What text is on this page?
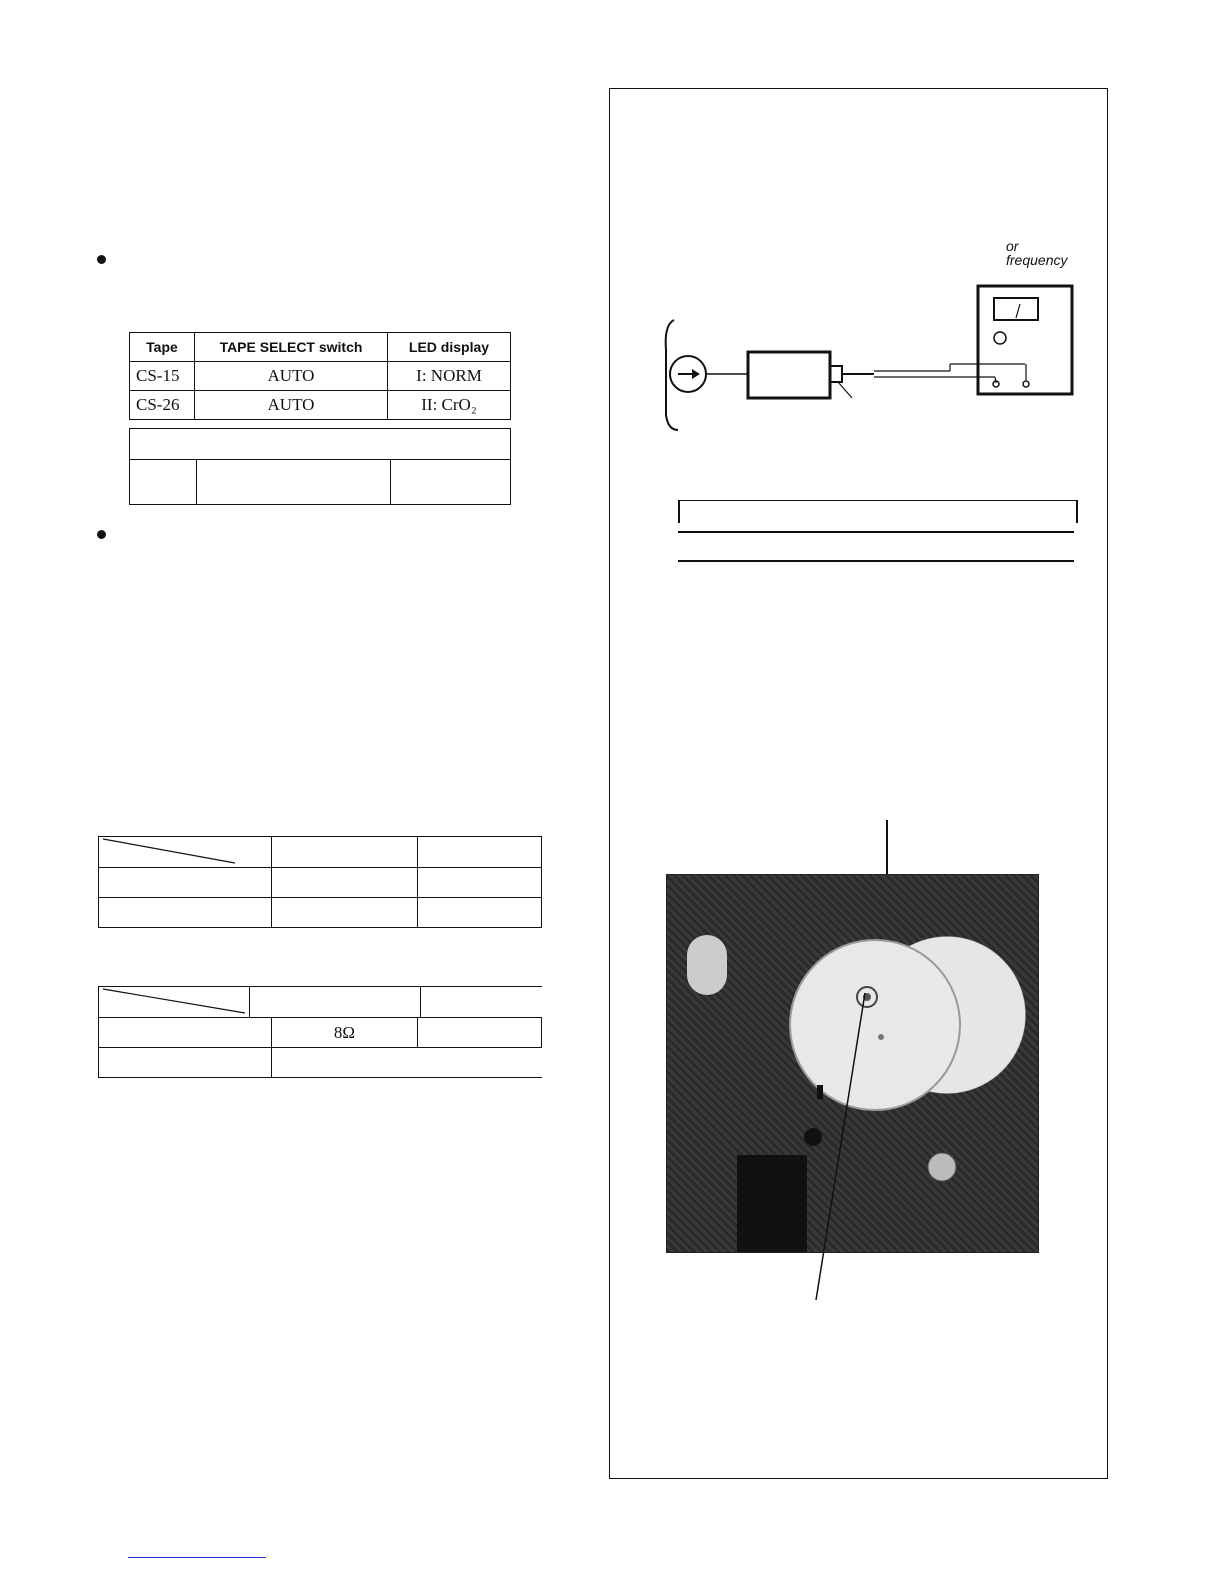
Tape	TAPE SELECT switch	LED display
CS-15	AUTO	I: NORM
CS-26	AUTO	II: CrO₂
8Ω
or
frequency
